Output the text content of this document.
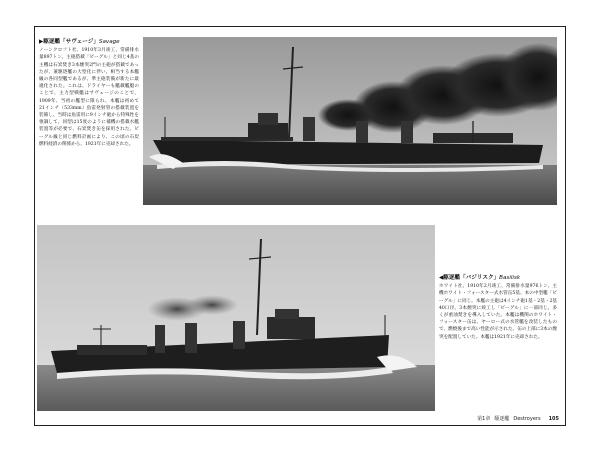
▶駆逐艦「サヴェージ」Savage
ノーンクロフト社、1910年3月竣工、常備排水量897トン、主砲搭載「ビーグル」と同じ4基の主機は石炭焚き3本煙突2門の主砲が搭載であったが、兼駆逐艦の大型化に伴い、相当する本艦級の各同型艦であるが、準主砲装備が新たに最適化された。これは、ドライヤーも艦載艦艇のことで、主力型戦艦はサヴェージのことで、1909年、当初の艦型に限られ、本艦は初めて21インチ（533mm）魚雷発射管の搭載装置を装備し、当時は魚雷用に9インチ砲から特殊性を強調して、同型は15度のように補機の搭載水艦装置等が必要で、石炭焚き缶を採用された。ビーグル級と同じ燃料計画により、この頃の石炭燃料経済の関係から、1921年に売却された。
◀駆逐艦「バジリスク」Basilisk
ホワイト社、1910年2月竣工、常備排水量976トン、主機ホワイト・フォースター式水管缶5基、本の中型艦「ビーグル」に同じ。本艦の主砲は4インチ砲1基・2基・2基40口径、3本煙突に竣工し「ビーグル」に一部同じ。多くが重油焚きを導入していた。本艦は機関のホワイト・フォースター缶は、ヤーロー式の水管艦を改装したもので、燃焼後まで高い性能が示された。缶の上部に3本の煙突を配置していた。本艦は1921年に売却された。
第1章 駆逐艦 Destroyers 105
